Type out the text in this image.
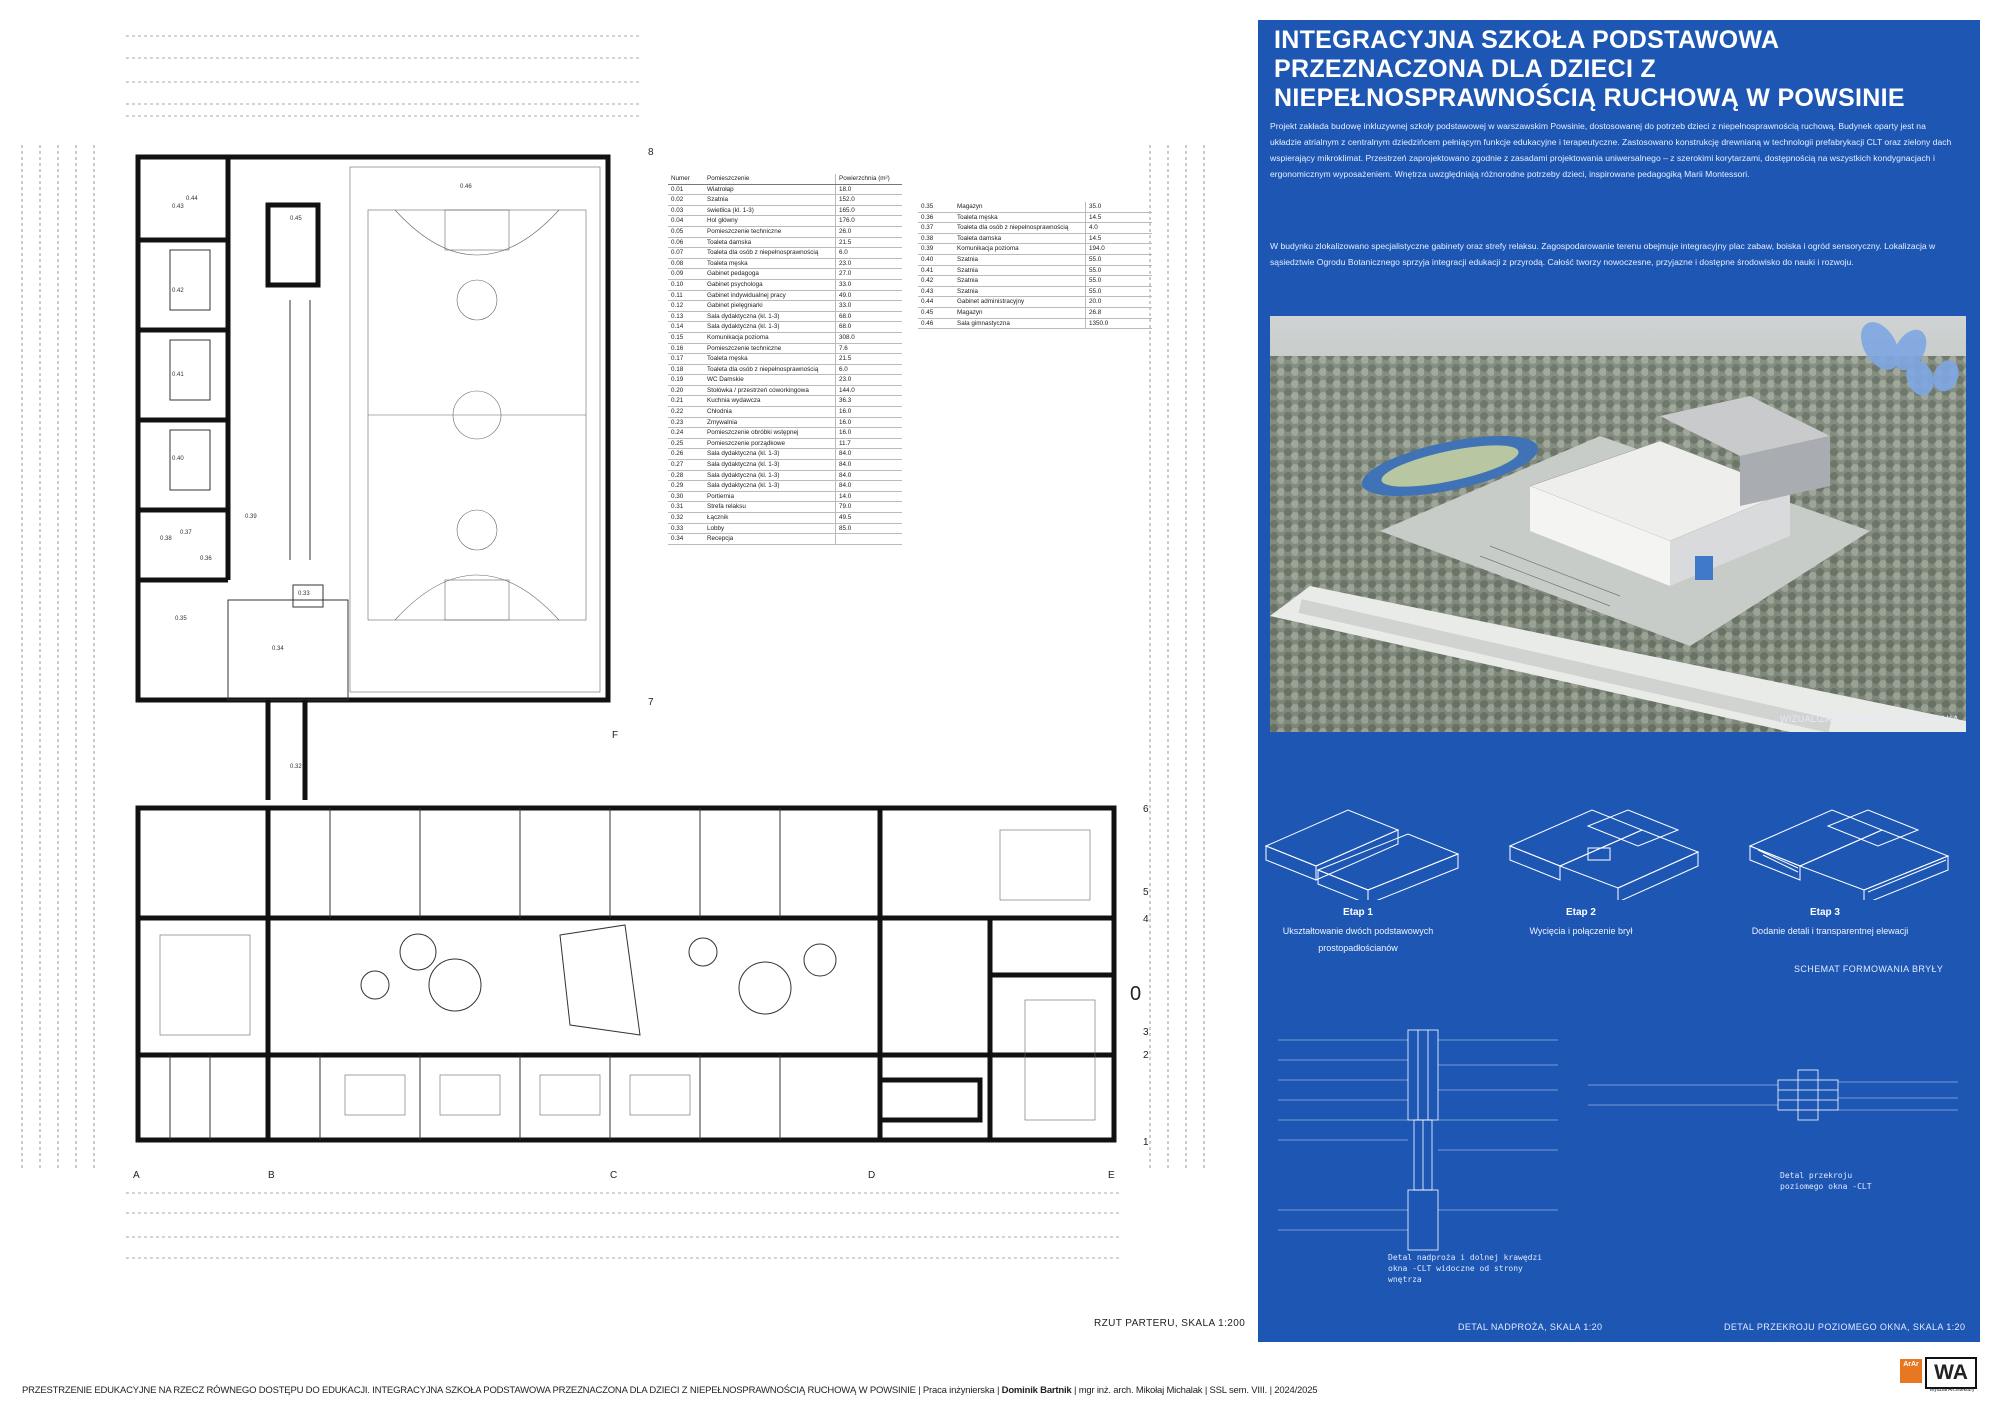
A	B	C	D	E
8
7
F
6
5
4
0
3
2
1
0.46
0.44
0.43
0.45
0.42
0.41
0.40
0.39
0.38
0.37
0.36
0.35
0.33
0.34
0.32
Numer	Pomieszczenie	Powierzchnia (m²)
0.01	Wiatrołap	18.0
0.02	Szatnia	152.0
0.03	świetlica (kl. 1-3)	165.0
0.04	Hol główny	176.0
0.05	Pomieszczenie techniczne	26.0
0.06	Toaleta damska	21.5
0.07	Toaleta dla osób z niepełnosprawnością	6.0
0.08	Toaleta męska	23.0
0.09	Gabinet pedagoga	27.0
0.10	Gabinet psychologa	33.0
0.11	Gabinet indywidualnej pracy	49.0
0.12	Gabinet pielęgniarki	33.0
0.13	Sala dydaktyczna (kl. 1-3)	68.0
0.14	Sala dydaktyczna (kl. 1-3)	68.0
0.15	Komunikacja pozioma	308.0
0.16	Pomieszczenie techniczne	7.6
0.17	Toaleta męska	21.5
0.18	Toaleta dla osób z niepełnosprawnością	6.0
0.19	WC Damskie	23.0
0.20	Stołówka / przestrzeń coworkingowa	144.0
0.21	Kuchnia wydawcza	36.3
0.22	Chłodnia	16.0
0.23	Zmywalnia	16.0
0.24	Pomieszczenie obróbki wstępnej	16.0
0.25	Pomieszczenie porządkowe	11.7
0.26	Sala dydaktyczna (kl. 1-3)	84.0
0.27	Sala dydaktyczna (kl. 1-3)	84.0
0.28	Sala dydaktyczna (kl. 1-3)	84.0
0.29	Sala dydaktyczna (kl. 1-3)	84.0
0.30	Portiernia	14.0
0.31	Strefa relaksu	79.0
0.32	Łącznik	49.5
0.33	Lobby	85.0
0.34	Recepcja	
0.35	Magazyn	35.0
0.36	Toaleta męska	14.5
0.37	Toaleta dla osób z niepełnosprawnością	4.0
0.38	Toaleta damska	14.5
0.39	Komunikacja pozioma	194.0
0.40	Szatnia	55.0
0.41	Szatnia	55.0
0.42	Szatnia	55.0
0.43	Szatnia	55.0
0.44	Gabinet administracyjny	20.0
0.45	Magazyn	26.8
0.46	Sala gimnastyczna	1350.0
RZUT PARTERU, SKALA 1:200
INTEGRACYJNA SZKOŁA PODSTAWOWA PRZEZNACZONA DLA DZIECI Z NIEPEŁNOSPRAWNOŚCIĄ RUCHOWĄ W POWSINIE
Projekt zakłada budowę inkluzywnej szkoły podstawowej w warszawskim Powsinie, dostosowanej do potrzeb dzieci z niepełnosprawnością ruchową. Budynek oparty jest na układzie atrialnym z centralnym dziedzińcem pełniącym funkcje edukacyjne i terapeutyczne. Zastosowano konstrukcję drewnianą w technologii prefabrykacji CLT oraz zielony dach wspierający mikroklimat. Przestrzeń zaprojektowano zgodnie z zasadami projektowania uniwersalnego – z szerokimi korytarzami, dostępnością na wszystkich kondygnacjach i ergonomicznym wyposażeniem. Wnętrza uwzględniają różnorodne potrzeby dzieci, inspirowane pedagogiką Marii Montessori.
W budynku zlokalizowano specjalistyczne gabinety oraz strefy relaksu. Zagospodarowanie terenu obejmuje integracyjny plac zabaw, boiska i ogród sensoryczny. Lokalizacja w sąsiedztwie Ogrodu Botanicznego sprzyja integracji edukacji z przyrodą. Całość tworzy nowoczesne, przyjazne i dostępne środowisko do nauki i rozwoju.
WIZUALIZACJA, WIDOK Z LOTU PTAKA
Etap 1
Ukształtowanie dwóch podstawowych prostopadłościanów
Etap 2
Wycięcia i połączenie brył
Etap 3
Dodanie detali i transparentnej elewacji
SCHEMAT FORMOWANIA BRYŁY
Detal nadproża i dolnej krawędzi okna -CLT widoczne od strony wnętrza
Detal przekroju poziomego okna -CLT
DETAL NADPROŻA, SKALA 1:20	DETAL PRZEKROJU POZIOMEGO OKNA, SKALA 1:20
PRZESTRZENIE EDUKACYJNE NA RZECZ RÓWNEGO DOSTĘPU DO EDUKACJI. INTEGRACYJNA SZKOŁA PODSTAWOWA PRZEZNACZONA DLA DZIECI Z NIEPEŁNOSPRAWNOŚCIĄ RUCHOWĄ W POWSINIE | Praca inżynierska | Dominik Bartnik | mgr inż. arch. Mikołaj Michalak | SSL sem. VIII. | 2024/2025
ArAr WA
Wydział Architektury
